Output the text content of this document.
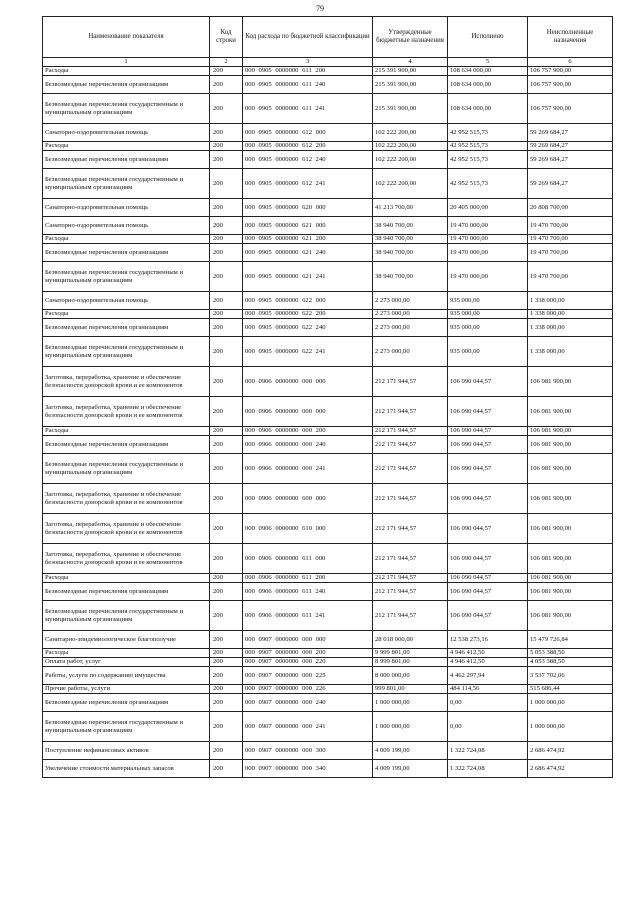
79
Наименование показателя	Код строки	Код расхода по бюджетной классификации	Утвержденные бюджетные назначения	Исполнено	Неисполненные назначения
1	2	3	4	5	6
Расходы	200	000 0905 0000000 611 200	215 391 900,00	108 634 000,00	106 757 900,00
Безвозмездные перечисления организациям	200	000 0905 0000000 611 240	215 391 900,00	108 634 000,00	106 757 900,00
Безвозмездные перечисления государственным и муниципальным организациям	200	000 0905 0000000 611 241	215 391 900,00	108 634 000,00	106 757 900,00
Санаторно-оздоровительная помощь	200	000 0905 0000000 612 000	102 222 200,00	42 952 515,73	59 269 684,27
Расходы	200	000 0905 0000000 612 200	102 222 200,00	42 952 515,73	59 269 684,27
Безвозмездные перечисления организациям	200	000 0905 0000000 612 240	102 222 200,00	42 952 515,73	59 269 684,27
Безвозмездные перечисления государственным и муниципальным организациям	200	000 0905 0000000 612 241	102 222 200,00	42 952 515,73	59 269 684,27
Санаторно-оздоровительная помощь	200	000 0905 0000000 620 000	41 213 700,00	20 405 000,00	20 808 700,00
Санаторно-оздоровительная помощь	200	000 0905 0000000 621 000	38 940 700,00	19 470 000,00	19 470 700,00
Расходы	200	000 0905 0000000 621 200	38 940 700,00	19 470 000,00	19 470 700,00
Безвозмездные перечисления организациям	200	000 0905 0000000 621 240	38 940 700,00	19 470 000,00	19 470 700,00
Безвозмездные перечисления государственным и муниципальным организациям	200	000 0905 0000000 621 241	38 940 700,00	19 470 000,00	19 470 700,00
Санаторно-оздоровительная помощь	200	000 0905 0000000 622 000	2 273 000,00	935 000,00	1 338 000,00
Расходы	200	000 0905 0000000 622 200	2 273 000,00	935 000,00	1 338 000,00
Безвозмездные перечисления организациям	200	000 0905 0000000 622 240	2 273 000,00	935 000,00	1 338 000,00
Безвозмездные перечисления государственным и муниципальным организациям	200	000 0905 0000000 622 241	2 273 000,00	935 000,00	1 338 000,00
Заготовка, переработка, хранение и обеспечение безопасности донорской крови и ее компонентов	200	000 0906 0000000 000 000	212 171 944,57	106 090 044,57	106 081 900,00
Заготовка, переработка, хранение и обеспечение безопасности донорской крови и ее компонентов	200	000 0906 0000000 000 000	212 171 944,57	106 090 044,57	106 081 900,00
Расходы	200	000 0906 0000000 000 200	212 171 944,57	106 090 044,57	106 081 900,00
Безвозмездные перечисления организациям	200	000 0906 0000000 000 240	212 171 944,57	106 090 044,57	106 081 900,00
Безвозмездные перечисления государственным и муниципальным организациям	200	000 0906 0000000 000 241	212 171 944,57	106 090 044,57	106 081 900,00
Заготовка, переработка, хранение и обеспечение безопасности донорской крови и ее компонентов	200	000 0906 0000000 600 000	212 171 944,57	106 090 044,57	106 081 900,00
Заготовка, переработка, хранение и обеспечение безопасности донорской крови и ее компонентов	200	000 0906 0000000 610 000	212 171 944,57	106 090 044,57	106 081 900,00
Заготовка, переработка, хранение и обеспечение безопасности донорской крови и ее компонентов	200	000 0906 0000000 611 000	212 171 944,57	106 090 044,57	106 081 900,00
Расходы	200	000 0906 0000000 611 200	212 171 944,57	106 090 044,57	106 081 900,00
Безвозмездные перечисления организациям	200	000 0906 0000000 611 240	212 171 944,57	106 090 044,57	106 081 900,00
Безвозмездные перечисления государственным и муниципальным организациям	200	000 0906 0000000 611 241	212 171 944,57	106 090 044,57	106 081 900,00
Санитарно-эпидемиологическое благополучие	200	000 0907 0000000 000 000	28 018 000,00	12 538 273,16	15 479 726,84
Расходы	200	000 0907 0000000 000 200	9 999 801,00	4 946 412,50	5 053 388,50
Оплата работ, услуг	200	000 0907 0000000 000 220	8 999 801,00	4 946 412,50	4 053 388,50
Работы, услуги по содержанию имущества	200	000 0907 0000000 000 225	8 000 000,00	4 462 297,94	3 537 702,06
Прочие работы, услуги	200	000 0907 0000000 000 226	999 801,00	484 114,56	515 686,44
Безвозмездные перечисления организациям	200	000 0907 0000000 000 240	1 000 000,00	0,00	1 000 000,00
Безвозмездные перечисления государственным и муниципальным организациям	200	000 0907 0000000 000 241	1 000 000,00	0,00	1 000 000,00
Поступление нефинансовых активов	200	000 0907 0000000 000 300	4 009 199,00	1 322 724,08	2 686 474,92
Увеличение стоимости материальных запасов	200	000 0907 0000000 000 340	4 009 199,00	1 322 724,08	2 686 474,92
